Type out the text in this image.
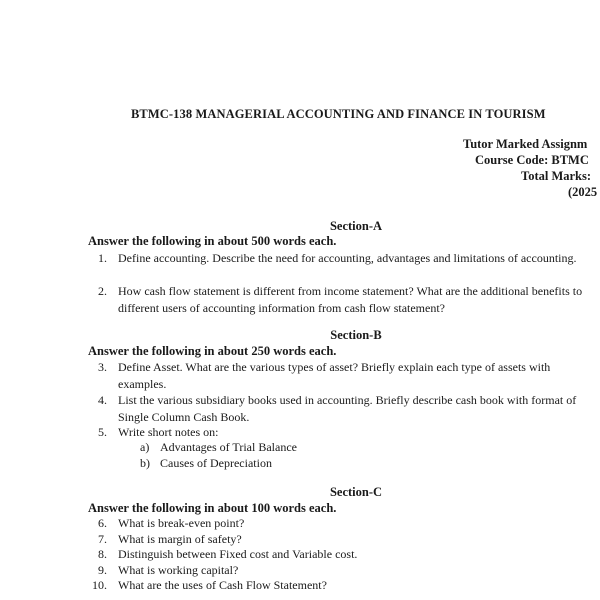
BTMC-138 MANAGERIAL ACCOUNTING AND FINANCE IN TOURISM
Tutor Marked Assignm
Course Code: BTMC
Total Marks:
(2025
Section-A
Answer the following in about 500 words each.
1. Define accounting. Describe the need for accounting, advantages and limitations of accounting.
2. How cash flow statement is different from income statement? What are the additional benefits to different users of accounting information from cash flow statement?
Section-B
Answer the following in about 250 words each.
3. Define Asset. What are the various types of asset? Briefly explain each type of assets with examples.
4. List the various subsidiary books used in accounting. Briefly describe cash book with format of Single Column Cash Book.
5. Write short notes on:
a) Advantages of Trial Balance
b) Causes of Depreciation
Section-C
Answer the following in about 100 words each.
6. What is break-even point?
7. What is margin of safety?
8. Distinguish between Fixed cost and Variable cost.
9. What is working capital?
10. What are the uses of Cash Flow Statement?
